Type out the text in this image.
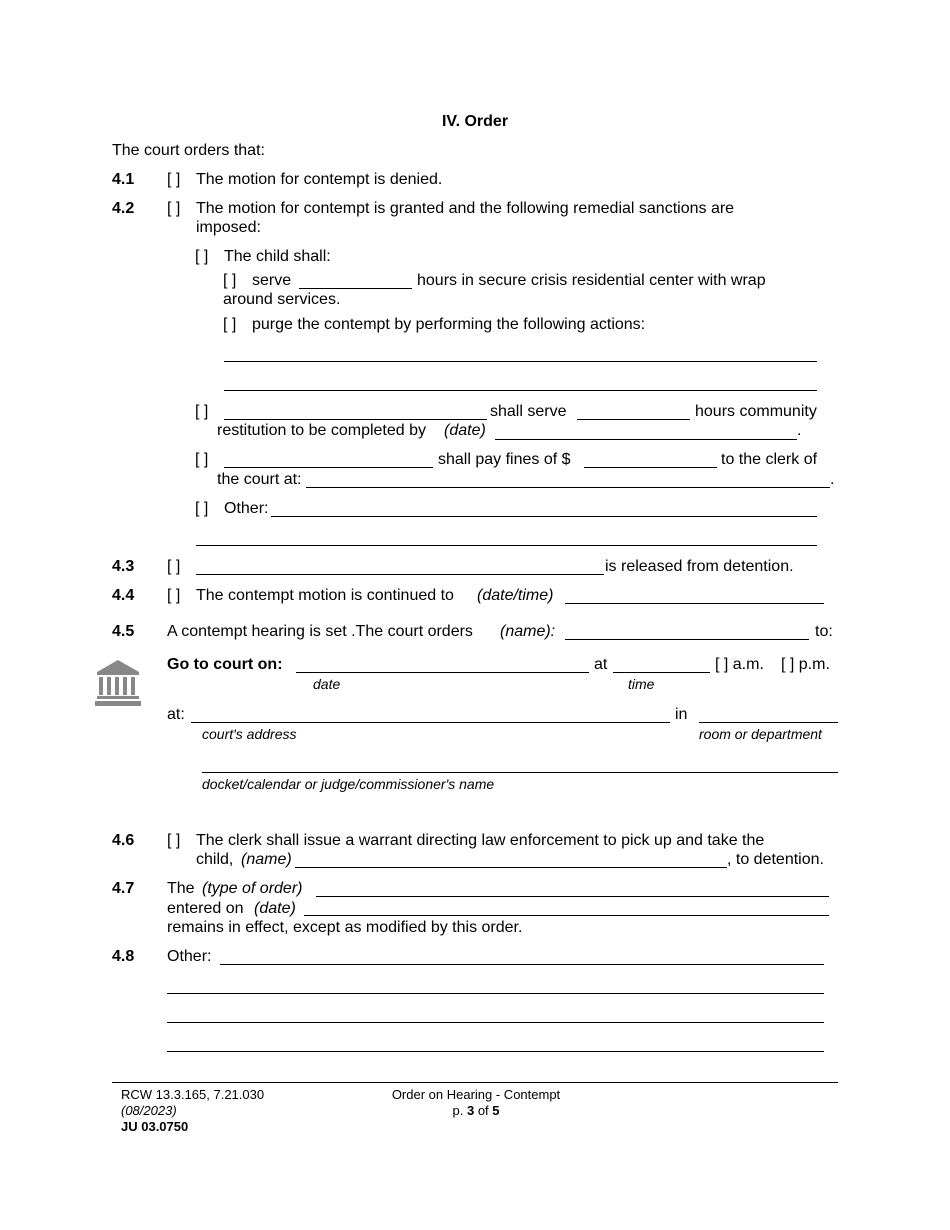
IV. Order
The court orders that:
4.1 [ ] The motion for contempt is denied.
4.2 [ ] The motion for contempt is granted and the following remedial sanctions are
imposed:
[ ] The child shall:
[ ] serve	hours in secure crisis residential center with wrap
around services.
[ ] purge the contempt by performing the following actions:
[ ]	shall serve	hours community
restitution to be completed by (date)	.
[ ]	shall pay fines of $	to the clerk of
the court at:	.
[ ] Other:
4.3 [ ]	is released from detention.
4.4 [ ] The contempt motion is continued to (date/time)
4.5 A contempt hearing is set .The court orders (name):	to:
Go to court on:	at	[ ] a.m. [ ] p.m.
date	time
at:	in
court's address	room or department
docket/calendar or judge/commissioner's name
4.6 [ ] The clerk shall issue a warrant directing law enforcement to pick up and take the
child, (name)	, to detention.
4.7 The (type of order)
entered on (date)
remains in effect, except as modified by this order.
4.8 Other:
RCW 13.3.165, 7.21.030
(08/2023)
JU 03.0750
Order on Hearing - Contempt
p. 3 of 5
